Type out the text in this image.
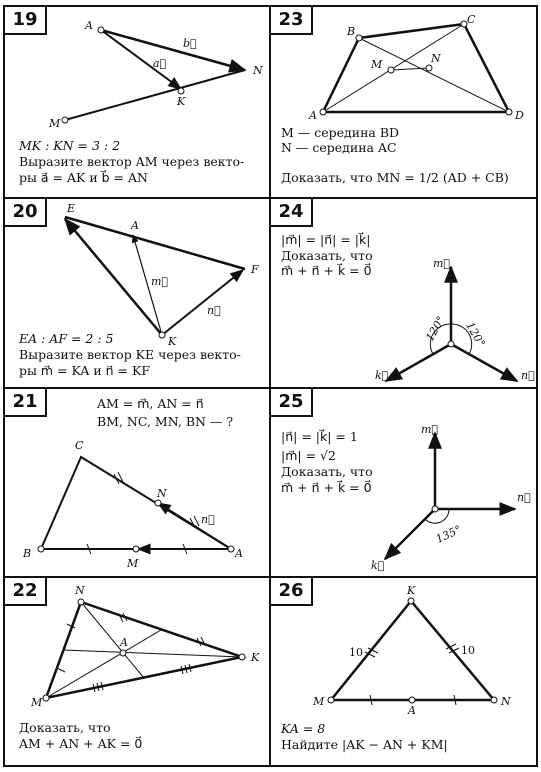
19	A
b⃗
a⃗
N
K
M
MK : KN = 3 : 2
Выразите вектор AM через векто-
ры a⃗ = AK и b⃗ = AN
23
B
C
M	N
A	D
M — середина BD
N — середина AC
Доказать, что MN = 1/2 (AD + CB)
20	E
A
F
m⃗
n⃗
K
EA : AF = 2 : 5
Выразите вектор KE через векто-
ры m⃗ = KA и n⃗ = KF
24
m⃗
k⃗	n⃗
120° 120°
|m⃗| = |n⃗| = |k⃗|
Доказать, что
m⃗ + n⃗ + k⃗ = 0⃗
21
C
N
n⃗
B
M
A
AM = m⃗, AN = n⃗
BM, NC, MN, BN — ?
25
m⃗
n⃗
k⃗
135°
|n⃗| = |k⃗| = 1
|m⃗| = √2
Доказать, что
m⃗ + n⃗ + k⃗ = 0⃗
22	N
A
K
M
Доказать, что
AM + AN + AK = 0⃗
26	K
10	10
M
A
N
KA = 8
Найдите |AK − AN + KM|
